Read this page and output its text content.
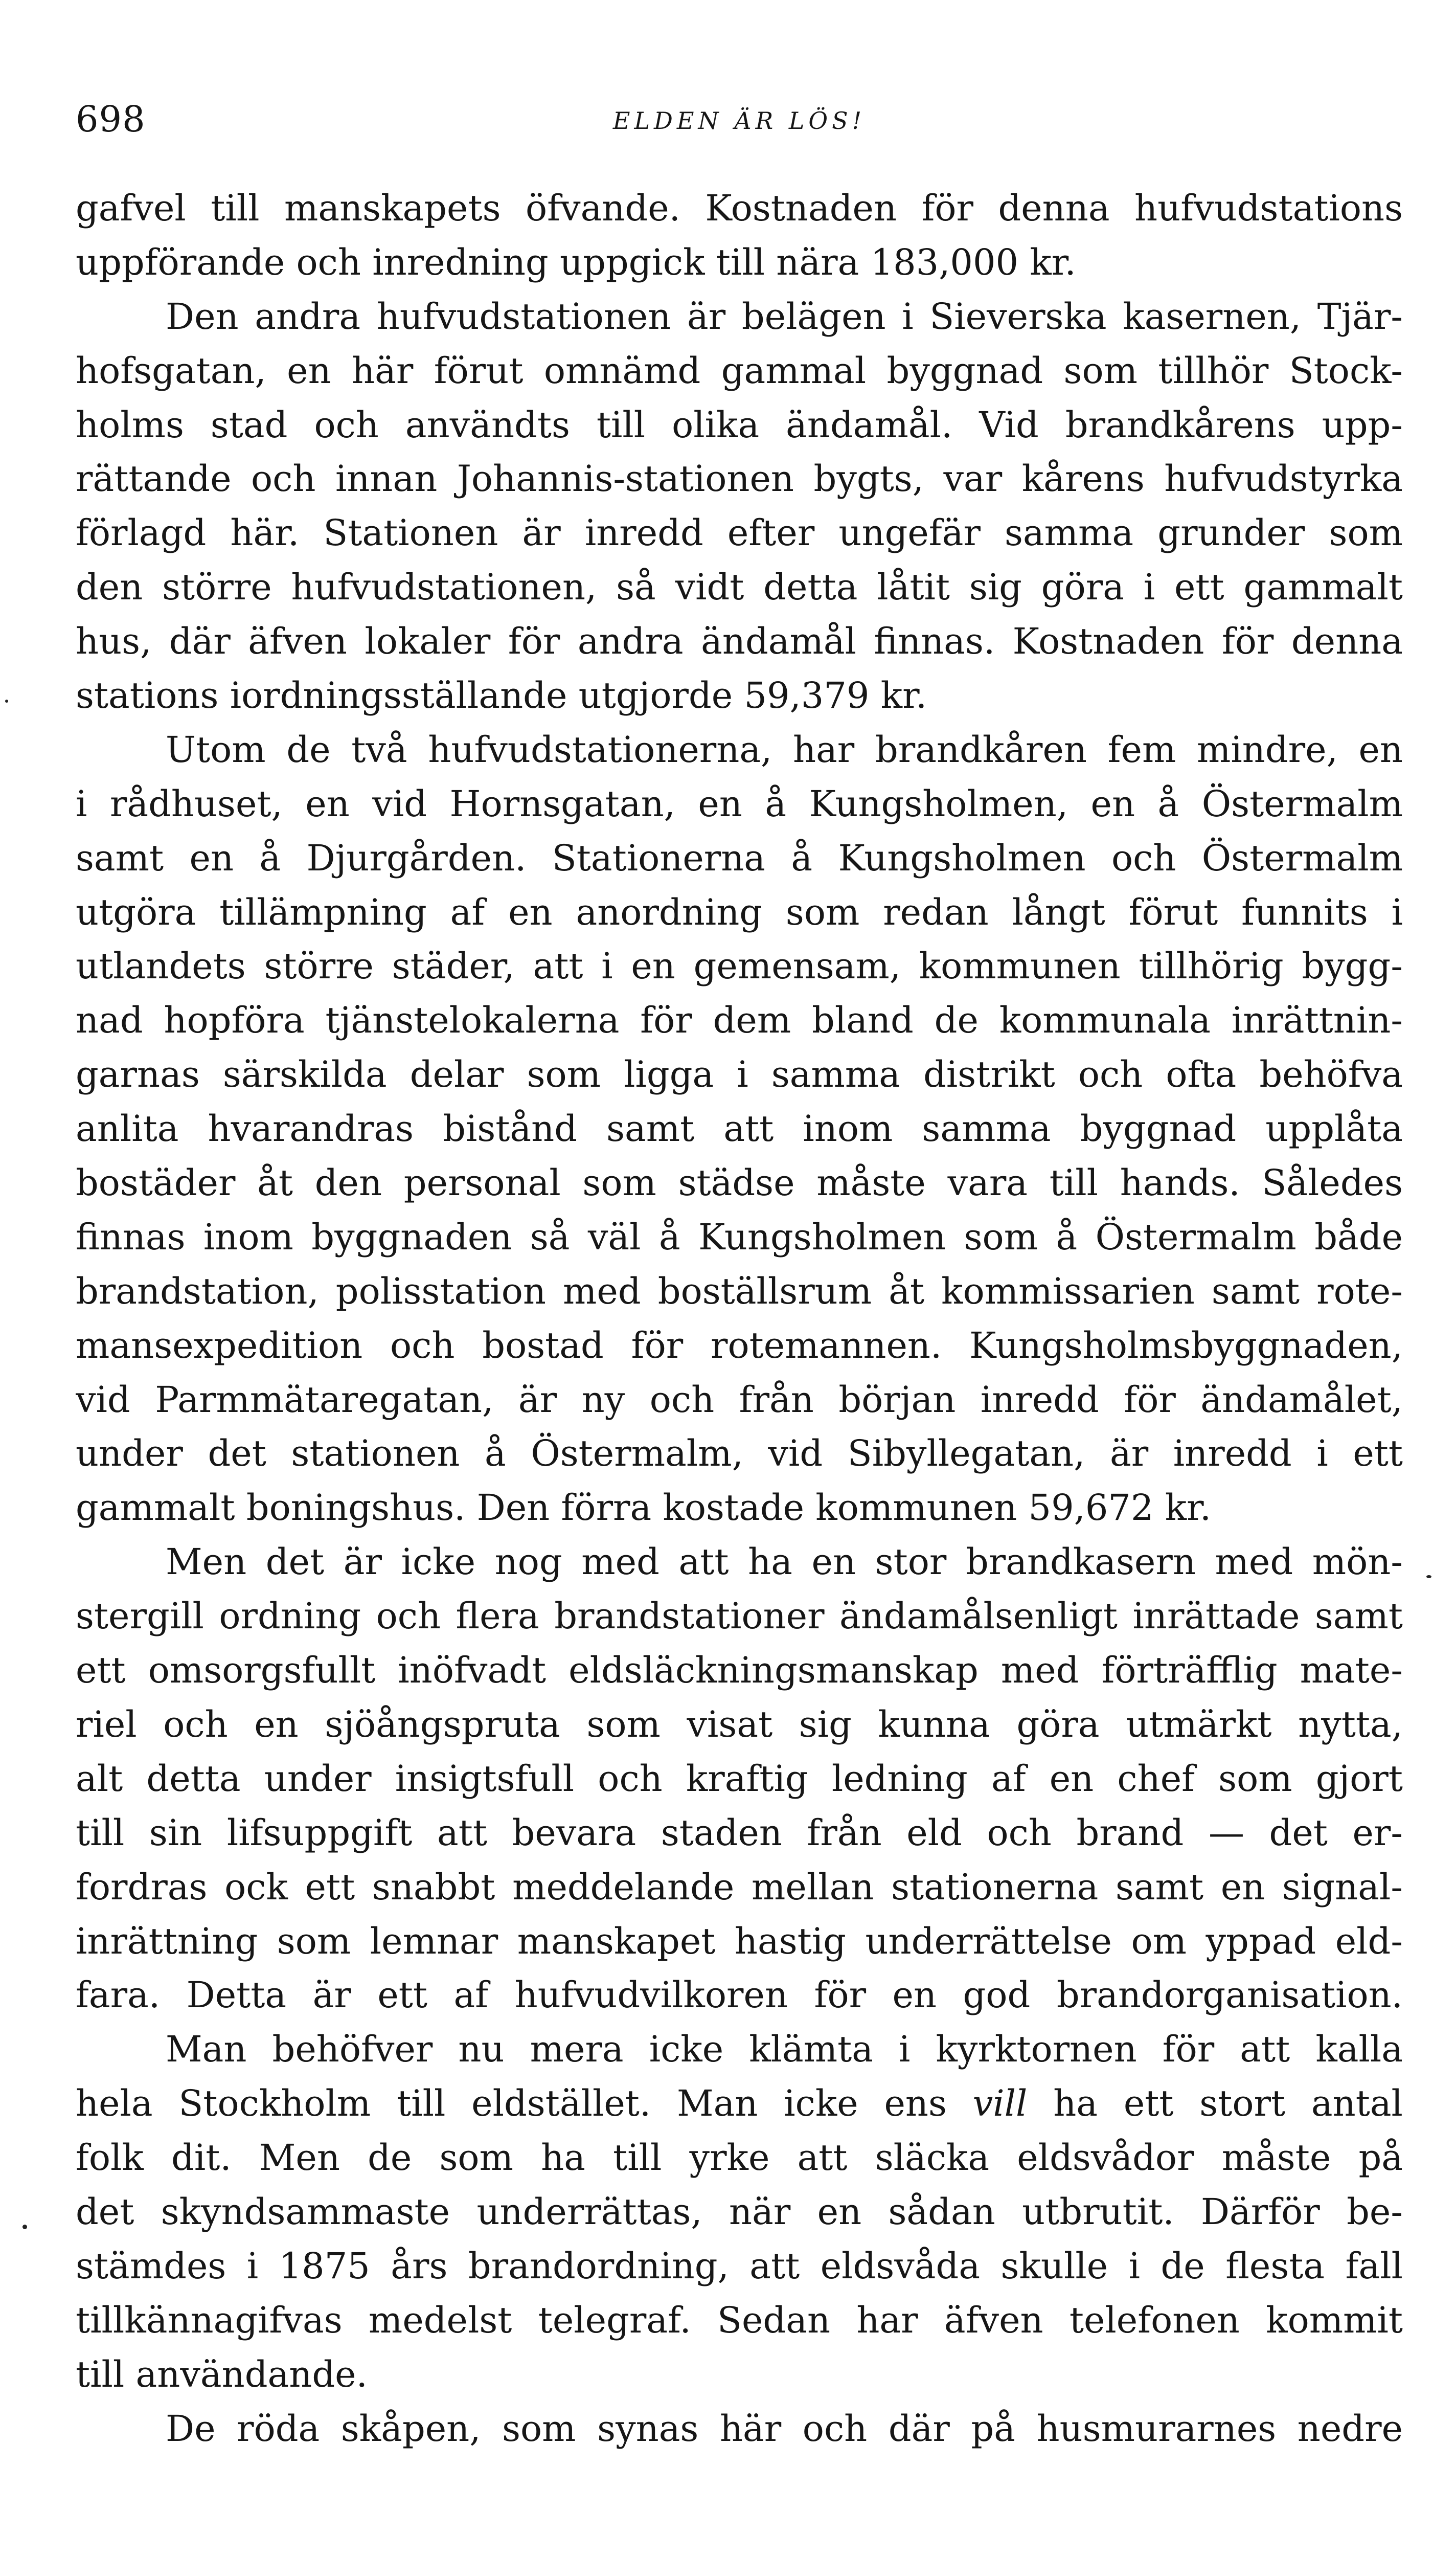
698	ELDEN ÄR LÖS!
gafvel till manskapets öfvande. Kostnaden för denna hufvudstations
uppförande och inredning uppgick till nära 183,000 kr.
Den andra hufvudstationen är belägen i Sieverska kasernen, Tjär-
hofsgatan, en här förut omnämd gammal byggnad som tillhör Stock-
holms stad och användts till olika ändamål. Vid brandkårens upp-
rättande och innan Johannis-stationen bygts, var kårens hufvudstyrka
förlagd här. Stationen är inredd efter ungefär samma grunder som
den större hufvudstationen, så vidt detta låtit sig göra i ett gammalt
hus, där äfven lokaler för andra ändamål finnas. Kostnaden för denna
stations iordningsställande utgjorde 59,379 kr.
Utom de två hufvudstationerna, har brandkåren fem mindre, en
i rådhuset, en vid Hornsgatan, en å Kungsholmen, en å Östermalm
samt en å Djurgården. Stationerna å Kungsholmen och Östermalm
utgöra tillämpning af en anordning som redan långt förut funnits i
utlandets större städer, att i en gemensam, kommunen tillhörig bygg-
nad hopföra tjänstelokalerna för dem bland de kommunala inrättnin-
garnas särskilda delar som ligga i samma distrikt och ofta behöfva
anlita hvarandras bistånd samt att inom samma byggnad upplåta
bostäder åt den personal som städse måste vara till hands. Således
finnas inom byggnaden så väl å Kungsholmen som å Östermalm både
brandstation, polisstation med boställsrum åt kommissarien samt rote-
mansexpedition och bostad för rotemannen. Kungsholmsbyggnaden,
vid Parmmätaregatan, är ny och från början inredd för ändamålet,
under det stationen å Östermalm, vid Sibyllegatan, är inredd i ett
gammalt boningshus. Den förra kostade kommunen 59,672 kr.
Men det är icke nog med att ha en stor brandkasern med mön-
stergill ordning och flera brandstationer ändamålsenligt inrättade samt
ett omsorgsfullt inöfvadt eldsläckningsmanskap med förträfflig mate-
riel och en sjöångspruta som visat sig kunna göra utmärkt nytta,
alt detta under insigtsfull och kraftig ledning af en chef som gjort
till sin lifsuppgift att bevara staden från eld och brand — det er-
fordras ock ett snabbt meddelande mellan stationerna samt en signal-
inrättning som lemnar manskapet hastig underrättelse om yppad eld-
fara. Detta är ett af hufvudvilkoren för en god brandorganisation.
Man behöfver nu mera icke klämta i kyrktornen för att kalla
hela Stockholm till eldstället. Man icke ens vill ha ett stort antal
folk dit. Men de som ha till yrke att släcka eldsvådor måste på
det skyndsammaste underrättas, när en sådan utbrutit. Därför be-
stämdes i 1875 års brandordning, att eldsvåda skulle i de flesta fall
tillkännagifvas medelst telegraf. Sedan har äfven telefonen kommit
till användande.
De röda skåpen, som synas här och där på husmurarnes nedre
